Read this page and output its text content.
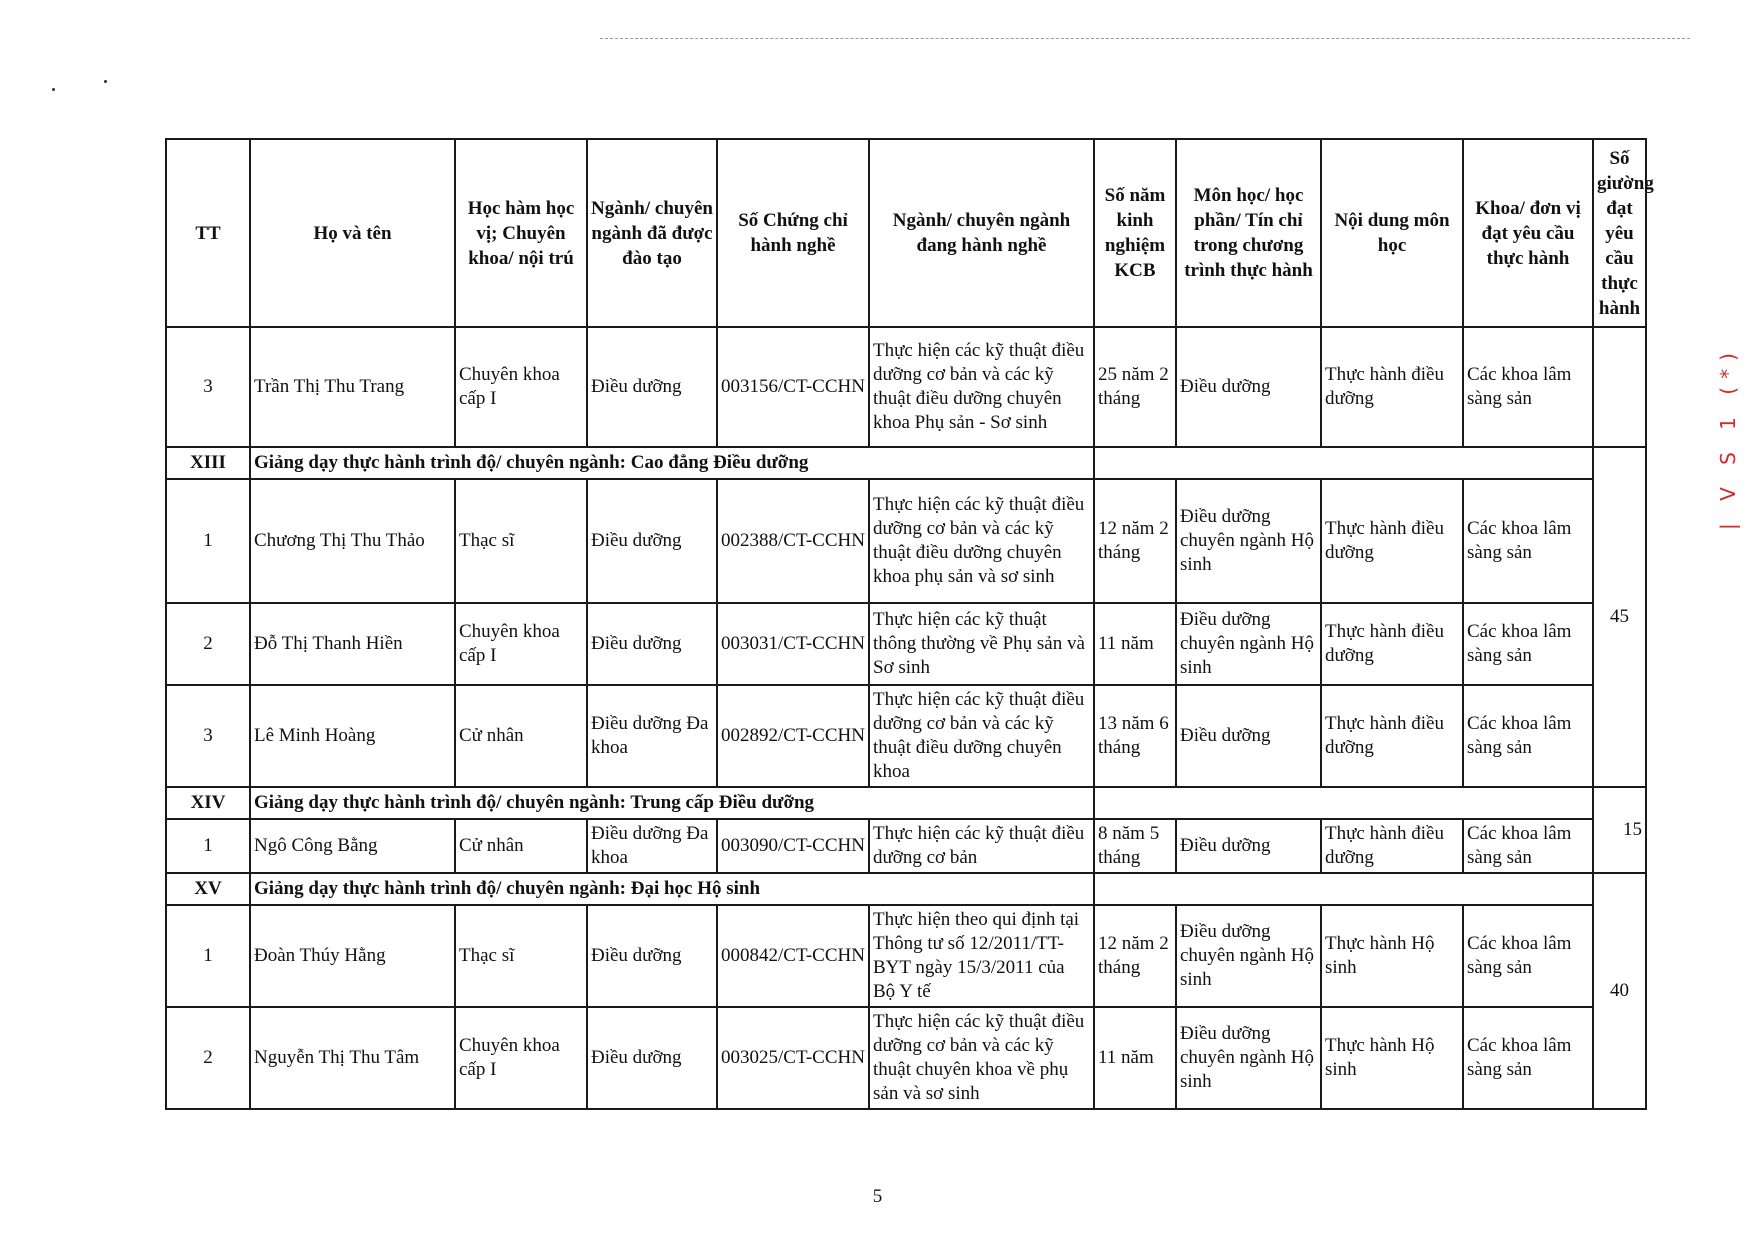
TT	Họ và tên	Học hàm học vị; Chuyên khoa/ nội trú	Ngành/ chuyên ngành đã được đào tạo	Số Chứng chỉ hành nghề	Ngành/ chuyên ngành đang hành nghề	Số năm kinh nghiệm KCB	Môn học/ học phần/ Tín chỉ trong chương trình thực hành	Nội dung môn học	Khoa/ đơn vị đạt yêu cầu thực hành	Số giường đạt yêu cầu thực hành
3	Trần Thị Thu Trang	Chuyên khoa cấp I	Điều dưỡng	003156/CT-CCHN	Thực hiện các kỹ thuật điều dưỡng cơ bản và các kỹ thuật điều dưỡng chuyên khoa Phụ sản - Sơ sinh	25 năm 2 tháng	Điều dưỡng	Thực hành điều dưỡng	Các khoa lâm sàng sản	
XIII	Giảng dạy thực hành trình độ/ chuyên ngành: Cao đẳng Điều dưỡng									45
1	Chương Thị Thu Thảo	Thạc sĩ	Điều dưỡng	002388/CT-CCHN	Thực hiện các kỹ thuật điều dưỡng cơ bản và các kỹ thuật điều dưỡng chuyên khoa phụ sản và sơ sinh	12 năm 2 tháng	Điều dưỡng chuyên ngành Hộ sinh	Thực hành điều dưỡng	Các khoa lâm sàng sản	
2	Đỗ Thị Thanh Hiền	Chuyên khoa cấp I	Điều dưỡng	003031/CT-CCHN	Thực hiện các kỹ thuật thông thường về Phụ sản và Sơ sinh	11 năm	Điều dưỡng chuyên ngành Hộ sinh	Thực hành điều dưỡng	Các khoa lâm sàng sản	
3	Lê Minh Hoàng	Cử nhân	Điều dưỡng Đa khoa	002892/CT-CCHN	Thực hiện các kỹ thuật điều dưỡng cơ bản và các kỹ thuật điều dưỡng chuyên khoa	13 năm 6 tháng	Điều dưỡng	Thực hành điều dưỡng	Các khoa lâm sàng sản	
XIV	Giảng dạy thực hành trình độ/ chuyên ngành: Trung cấp Điều dưỡng									15
1	Ngô Công Bằng	Cử nhân	Điều dưỡng Đa khoa	003090/CT-CCHN	Thực hiện các kỹ thuật điều dưỡng cơ bản	8 năm 5 tháng	Điều dưỡng	Thực hành điều dưỡng	Các khoa lâm sàng sản	
XV	Giảng dạy thực hành trình độ/ chuyên ngành: Đại học Hộ sinh									40
1	Đoàn Thúy Hằng	Thạc sĩ	Điều dưỡng	000842/CT-CCHN	Thực hiện theo qui định tại Thông tư số 12/2011/TT-BYT ngày 15/3/2011 của Bộ Y tế	12 năm 2 tháng	Điều dưỡng chuyên ngành Hộ sinh	Thực hành Hộ sinh	Các khoa lâm sàng sản	
2	Nguyễn Thị Thu Tâm	Chuyên khoa cấp I	Điều dưỡng	003025/CT-CCHN	Thực hiện các kỹ thuật điều dưỡng cơ bản và các kỹ thuật chuyên khoa về phụ sản và sơ sinh	11 năm	Điều dưỡng chuyên ngành Hộ sinh	Thực hành Hộ sinh	Các khoa lâm sàng sản	
| V S 1 (*)
5
